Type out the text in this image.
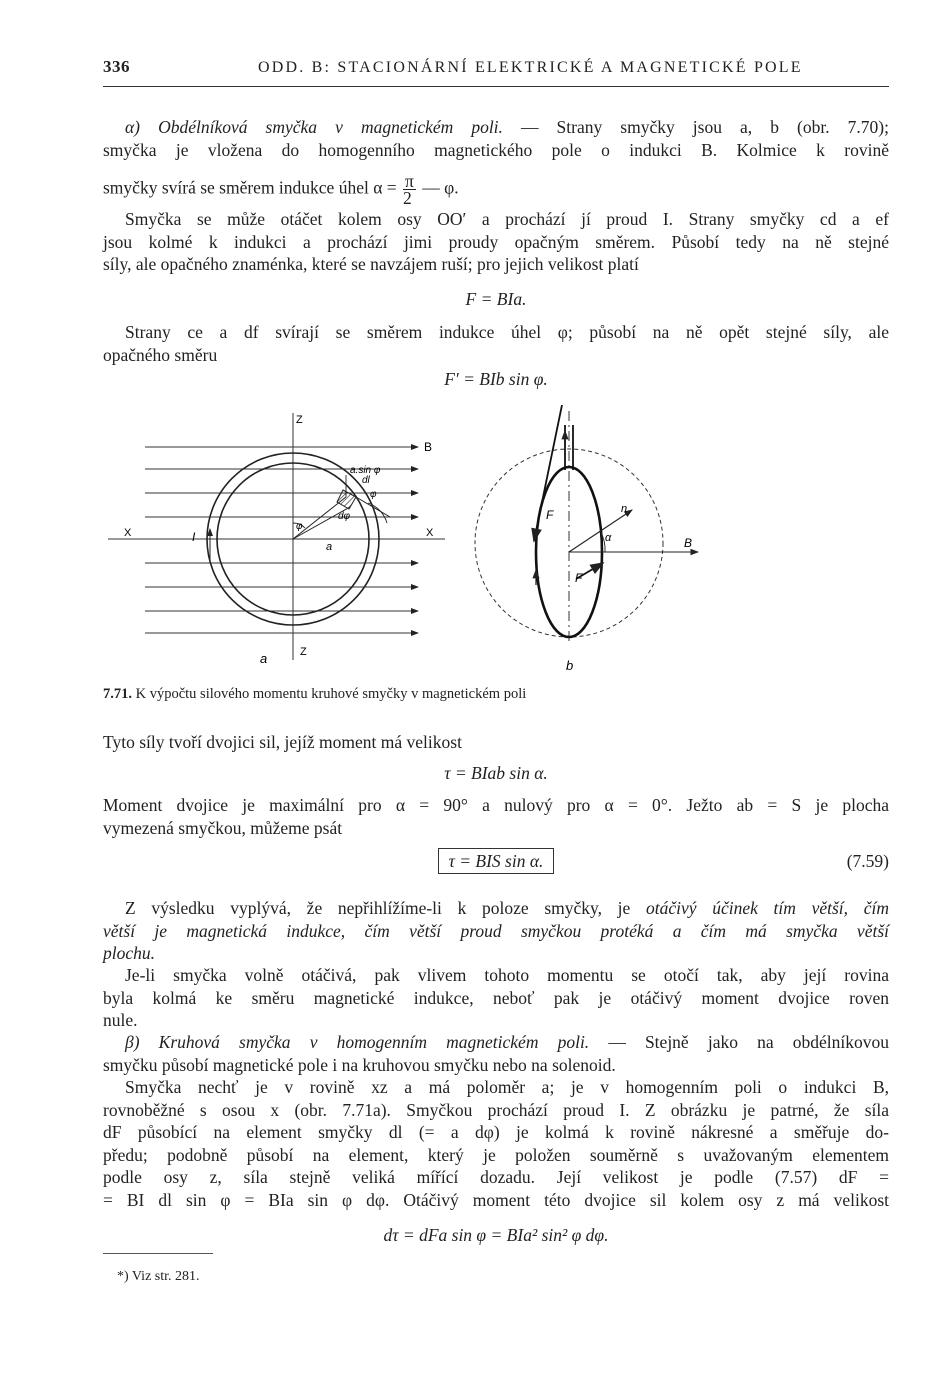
336	ODD. B: STACIONÁRNÍ ELEKTRICKÉ A MAGNETICKÉ POLE
α) Obdélníková smyčka v magnetickém poli. — Strany smyčky jsou a, b (obr. 7.70);
smyčka je vložena do homogenního magnetického pole o indukci B. Kolmice k rovině
smyčky svírá se směrem indukce úhel $\alpha = \frac{\pi}{2}$ — φ.
Smyčka se může otáčet kolem osy OO′ a prochází jí proud I. Strany smyčky cd a ef
jsou kolmé k indukci a prochází jimi proudy opačným směrem. Působí tedy na ně stejné
síly, ale opačného znaménka, které se navzájem ruší; pro jejich velikost platí
F = BIa.
Strany ce a df svírají se směrem indukce úhel φ; působí na ně opět stejné síly, ale
opačného směru
F′ = BIb sin φ.
Z
Z
B
X	X
I
a.sin φ
dl
φ
φ
dφ
a
a
F
F
n
α	B
b
7.71. K výpočtu silového momentu kruhové smyčky v magnetickém poli
Tyto síly tvoří dvojici sil, jejíž moment má velikost
τ = BIab sin α.
Moment dvojice je maximální pro α = 90° a nulový pro α = 0°. Ježto ab = S je plocha
vymezená smyčkou, můžeme psát
τ = BIS sin α.	(7.59)
Z výsledku vyplývá, že nepřihlížíme-li k poloze smyčky, je otáčivý účinek tím větší, čím
větší je magnetická indukce, čím větší proud smyčkou protéká a čím má smyčka větší
plochu.
Je-li smyčka volně otáčivá, pak vlivem tohoto momentu se otočí tak, aby její rovina
byla kolmá ke směru magnetické indukce, neboť pak je otáčivý moment dvojice roven
nule.
β) Kruhová smyčka v homogenním magnetickém poli. — Stejně jako na obdélníkovou
smyčku působí magnetické pole i na kruhovou smyčku nebo na solenoid.
Smyčka nechť je v rovině xz a má poloměr a; je v homogenním poli o indukci B,
rovnoběžné s osou x (obr. 7.71a). Smyčkou prochází proud I. Z obrázku je patrné, že síla
dF působící na element smyčky dl (= a dφ) je kolmá k rovině nákresné a směřuje do-
předu; podobně působí na element, který je položen souměrně s uvažovaným elementem
podle osy z, síla stejně veliká mířící dozadu. Její velikost je podle (7.57) dF =
= BI dl sin φ = BIa sin φ dφ. Otáčivý moment této dvojice sil kolem osy z má velikost
dτ = dFa sin φ = BIa² sin² φ dφ.
*) Viz str. 281.
